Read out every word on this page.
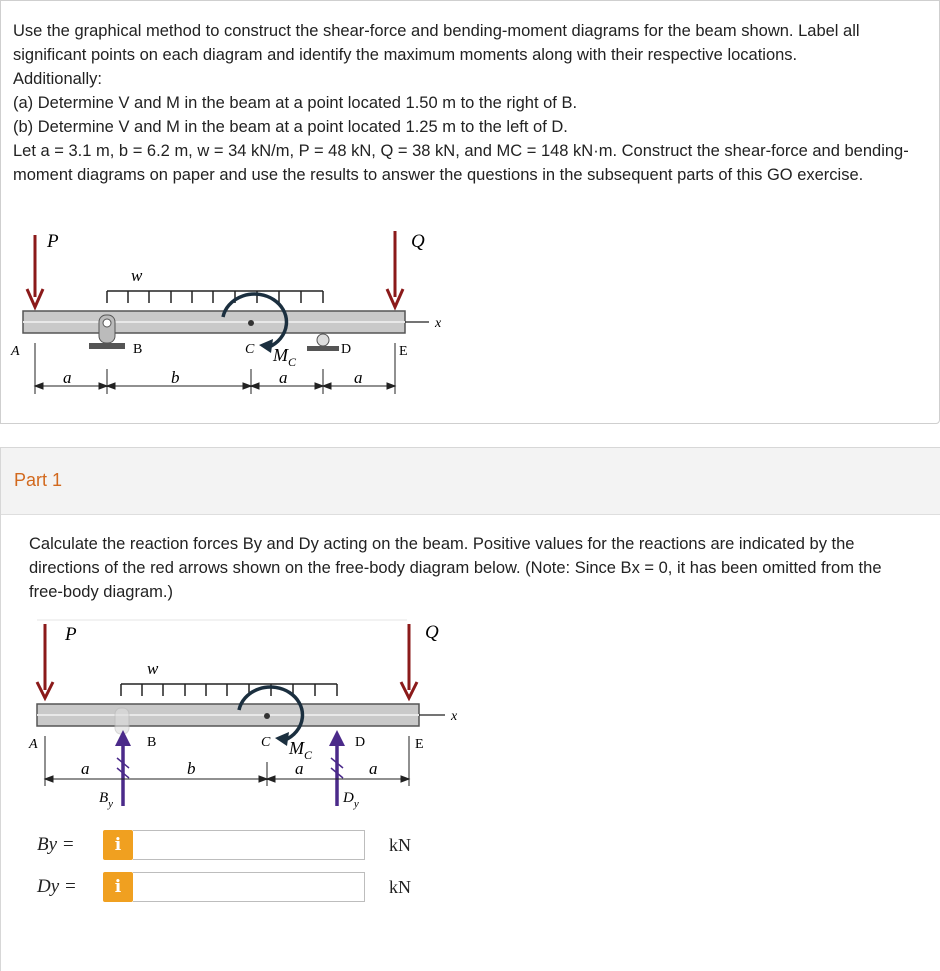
Use the graphical method to construct the shear-force and bending-moment diagrams for the beam shown. Label all significant points on each diagram and identify the maximum moments along with their respective locations.

Additionally:

(a) Determine V and M in the beam at a point located 1.50 m to the right of B.

(b) Determine V and M in the beam at a point located 1.25 m to the left of D.

Let a = 3.1 m, b = 6.2 m, w = 34 kN/m, P = 48 kN, Q = 38 kN, and MC = 148 kN·m. Construct the shear-force and bending-moment diagrams on paper and use the results to answer the questions in the subsequent parts of this GO exercise.

P	Q
w
x
A	B	C $M_C$
D	E
a	b	a	a
Part 1

Calculate the reaction forces By and Dy acting on the beam. Positive values for the reactions are indicated by the directions of the red arrows shown on the free-body diagram below. (Note: Since Bx = 0, it has been omitted from the free-body diagram.)

P	Q
w
x
A	B	C $M_C$
D	E
a	b	a	a
$B_y$	$D_y$
By =	i	kN
Dy =	i	kN
